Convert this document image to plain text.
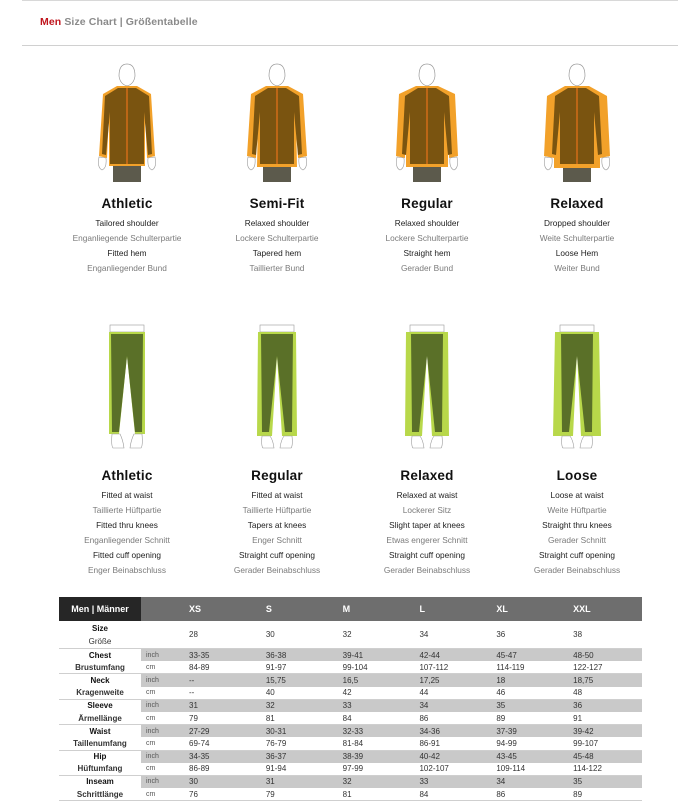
Men Size Chart | Größentabelle
Athletic
Tailored shoulder
Enganliegende Schulterpartie
Fitted hem
Enganliegender Bund
Semi-Fit
Relaxed shoulder
Lockere Schulterpartie
Tapered hem
Taillierter Bund
Regular
Relaxed shoulder
Lockere Schulterpartie
Straight hem
Gerader Bund
Relaxed
Dropped shoulder
Weite Schulterpartie
Loose Hem
Weiter Bund
Athletic
Fitted at waist
Taillierte Hüftpartie
Fitted thru knees
Enganliegender Schnitt
Fitted cuff opening
Enger Beinabschluss
Regular
Fitted at waist
Taillierte Hüftpartie
Tapers at knees
Enger Schnitt
Straight cuff opening
Gerader Beinabschluss
Relaxed
Relaxed at waist
Lockerer Sitz
Slight taper at knees
Etwas engerer Schnitt
Straight cuff opening
Gerader Beinabschluss
Loose
Loose at waist
Weite Hüftpartie
Straight thru knees
Gerader Schnitt
Straight cuff opening
Gerader Beinabschluss
Men | Männer		XS	S	M	L	XL	XXL

Size
Größe		28	30	32	34	36	38
Chest	inch	33-35	36-38	39-41	42-44	45-47	48-50
Brustumfang	cm	84-89	91-97	99-104	107-112	114-119	122-127
Neck	inch	--	15,75	16,5	17,25	18	18,75
Kragenweite	cm	--	40	42	44	46	48
Sleeve	inch	31	32	33	34	35	36
Ärmellänge	cm	79	81	84	86	89	91
Waist	inch	27-29	30-31	32-33	34-36	37-39	39-42
Taillenumfang	cm	69-74	76-79	81-84	86-91	94-99	99-107
Hip	inch	34-35	36-37	38-39	40-42	43-45	45-48
Hüftumfang	cm	86-89	91-94	97-99	102-107	109-114	114-122
Inseam	inch	30	31	32	33	34	35
Schrittlänge	cm	76	79	81	84	86	89
